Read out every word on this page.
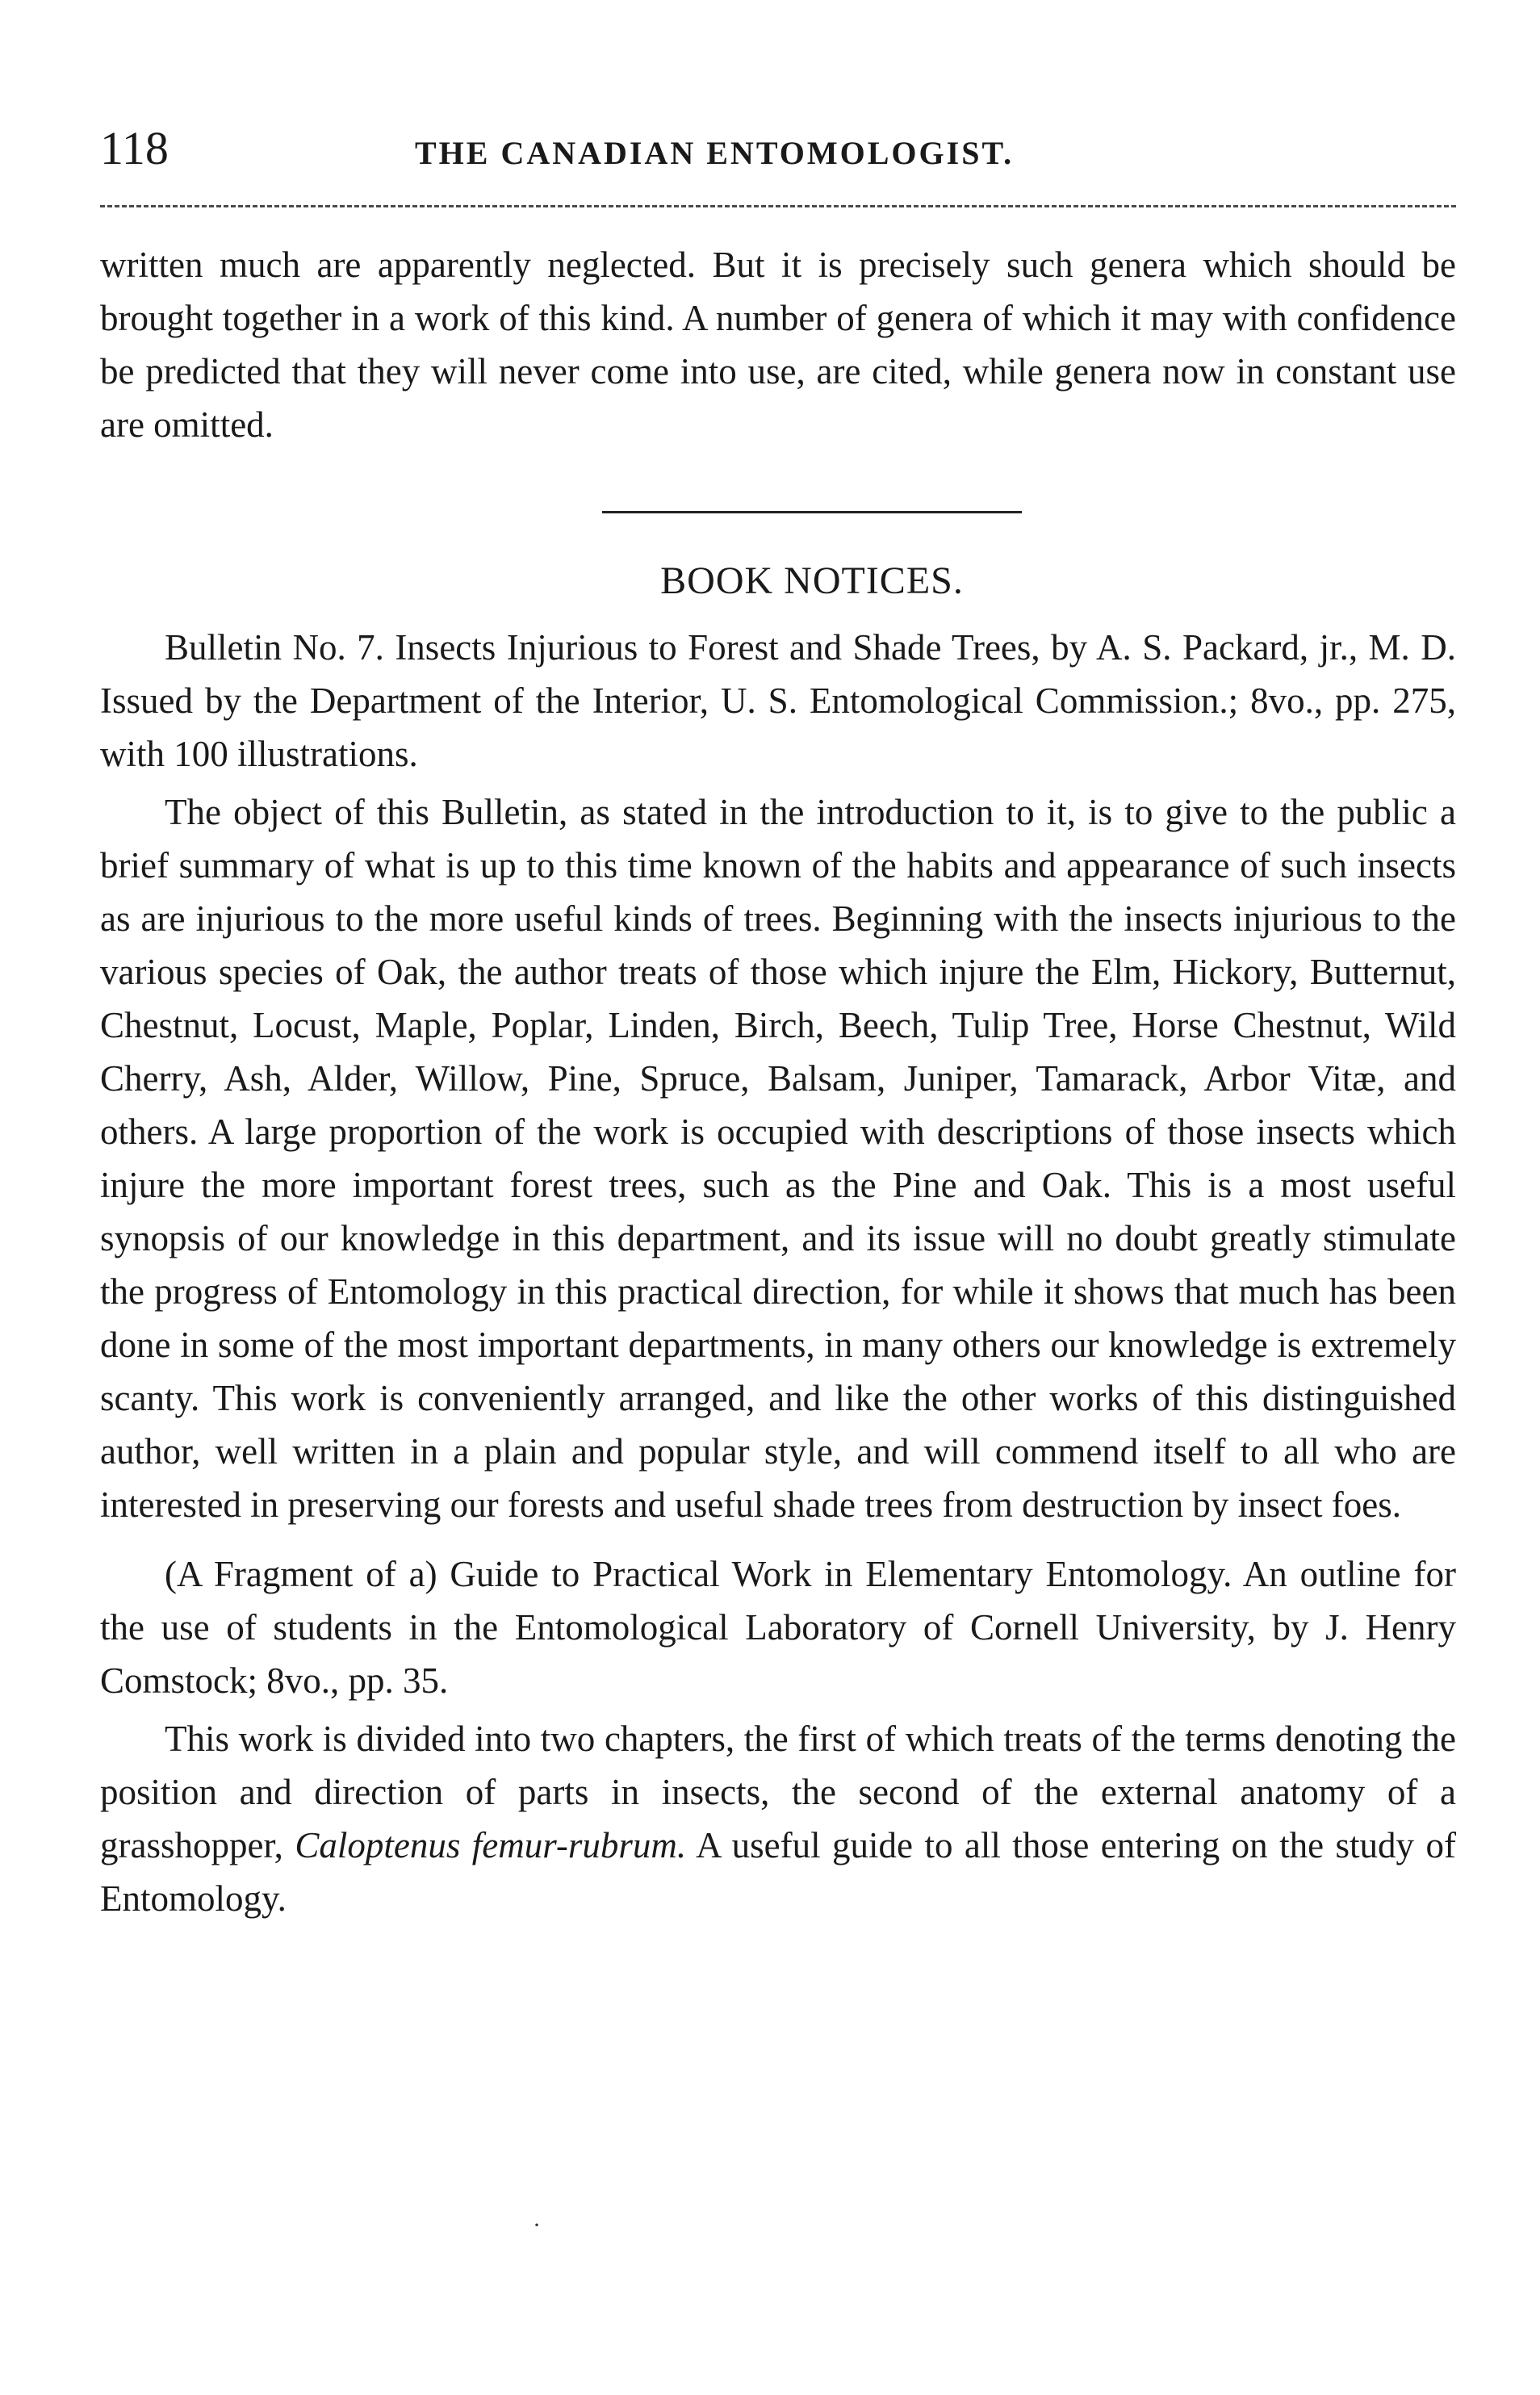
118	THE CANADIAN ENTOMOLOGIST.

written much are apparently neglected. But it is precisely such genera which should be brought together in a work of this kind. A number of genera of which it may with confidence be predicted that they will never come into use, are cited, while genera now in constant use are omitted.

BOOK NOTICES.

Bulletin No. 7. Insects Injurious to Forest and Shade Trees, by A. S. Packard, jr., M. D. Issued by the Department of the Interior, U. S. Entomological Commission.; 8vo., pp. 275, with 100 illustrations.

The object of this Bulletin, as stated in the introduction to it, is to give to the public a brief summary of what is up to this time known of the habits and appearance of such insects as are injurious to the more useful kinds of trees. Beginning with the insects injurious to the various species of Oak, the author treats of those which injure the Elm, Hickory, Butternut, Chestnut, Locust, Maple, Poplar, Linden, Birch, Beech, Tulip Tree, Horse Chestnut, Wild Cherry, Ash, Alder, Willow, Pine, Spruce, Balsam, Juniper, Tamarack, Arbor Vitæ, and others. A large proportion of the work is occupied with descriptions of those insects which injure the more important forest trees, such as the Pine and Oak. This is a most useful synopsis of our knowledge in this department, and its issue will no doubt greatly stimulate the progress of Entomology in this practical direction, for while it shows that much has been done in some of the most important departments, in many others our knowledge is extremely scanty. This work is conveniently arranged, and like the other works of this distinguished author, well written in a plain and popular style, and will commend itself to all who are interested in preserving our forests and useful shade trees from destruction by insect foes.

(A Fragment of a) Guide to Practical Work in Elementary Entomology. An outline for the use of students in the Entomological Laboratory of Cornell University, by J. Henry Comstock; 8vo., pp. 35.

This work is divided into two chapters, the first of which treats of the terms denoting the position and direction of parts in insects, the second of the external anatomy of a grasshopper, Caloptenus femur-rubrum. A useful guide to all those entering on the study of Entomology.

·
